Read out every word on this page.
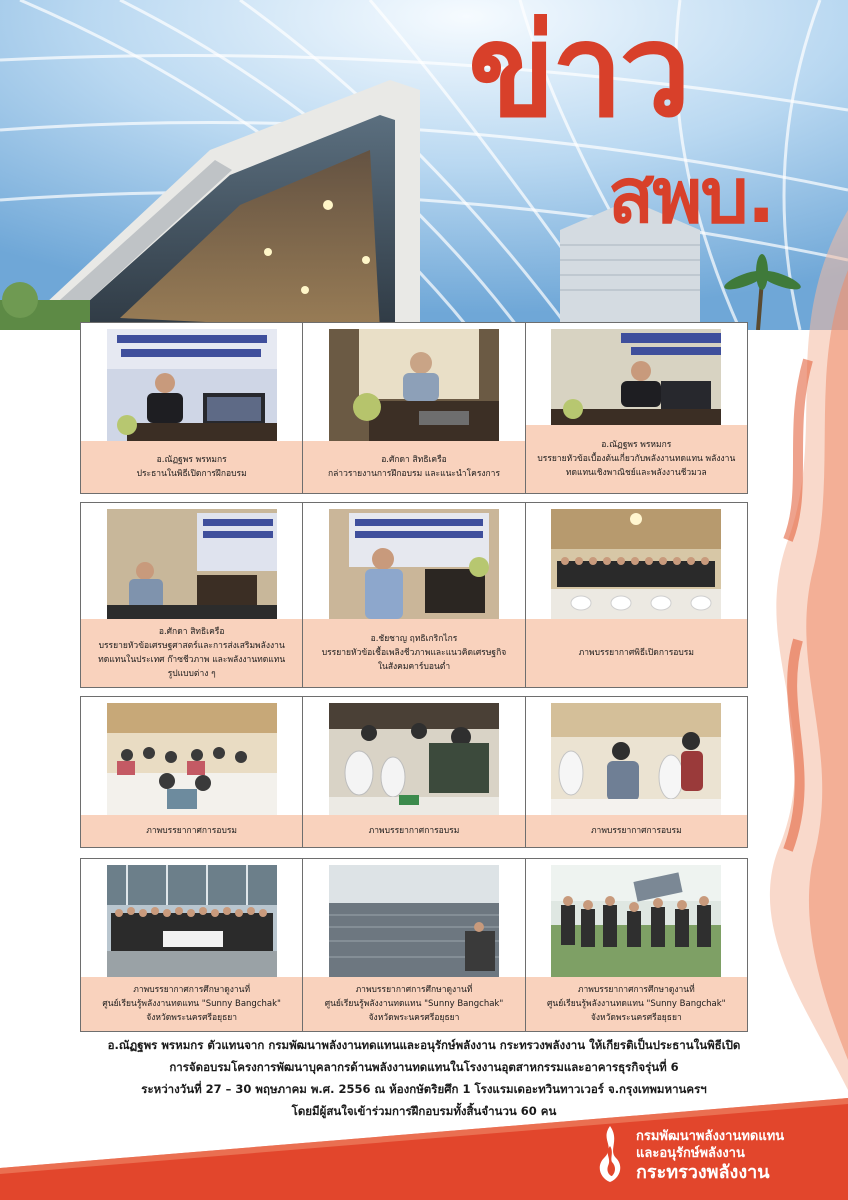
ข่าว
สพบ.
อ.ณัฏฐพร พรหมกร
ประธานในพิธีเปิดการฝึกอบรม
อ.ศักดา สิทธิเครือ
กล่าวรายงานการฝึกอบรม และแนะนำโครงการ
อ.ณัฏฐพร พรหมกร
บรรยายหัวข้อเบื้องต้นเกี่ยวกับพลังงานทดแทน พลังงาน
ทดแทนเชิงพาณิชย์และพลังงานชีวมวล
อ.ศักดา สิทธิเครือ
บรรยายหัวข้อเศรษฐศาสตร์และการส่งเสริมพลังงาน
ทดแทนในประเทศ ก๊าซชีวภาพ และพลังงานทดแทน
รูปแบบต่าง ๆ
อ.ชัยชาญ ฤทธิเกริกไกร
บรรยายหัวข้อเชื้อเพลิงชีวภาพและแนวคิดเศรษฐกิจ
ในสังคมคาร์บอนต่ำ
ภาพบรรยากาศพิธีเปิดการอบรม
ภาพบรรยากาศการอบรม	ภาพบรรยากาศการอบรม	ภาพบรรยากาศการอบรม
ภาพบรรยากาศการศึกษาดูงานที่
ศูนย์เรียนรู้พลังงานทดแทน "Sunny Bangchak"
จังหวัดพระนครศรีอยุธยา
ภาพบรรยากาศการศึกษาดูงานที่
ศูนย์เรียนรู้พลังงานทดแทน "Sunny Bangchak"
จังหวัดพระนครศรีอยุธยา
ภาพบรรยากาศการศึกษาดูงานที่
ศูนย์เรียนรู้พลังงานทดแทน "Sunny Bangchak"
จังหวัดพระนครศรีอยุธยา
อ.ณัฏฐพร พรหมกร ตัวแทนจาก กรมพัฒนาพลังงานทดแทนและอนุรักษ์พลังงาน กระทรวงพลังงาน ให้เกียรติเป็นประธานในพิธีเปิด
การจัดอบรมโครงการพัฒนาบุคลากรด้านพลังงานทดแทนในโรงงานอุตสาหกรรมและอาคารธุรกิจรุ่นที่ 6
ระหว่างวันที่ 27 – 30 พฤษภาคม พ.ศ. 2556 ณ ห้องกษัตริยศึก 1 โรงแรมเดอะทวินทาวเวอร์ จ.กรุงเทพมหานครฯ
โดยมีผู้สนใจเข้าร่วมการฝึกอบรมทั้งสิ้นจำนวน 60 คน
กรมพัฒนาพลังงานทดแทน
และอนุรักษ์พลังงาน
กระทรวงพลังงาน
